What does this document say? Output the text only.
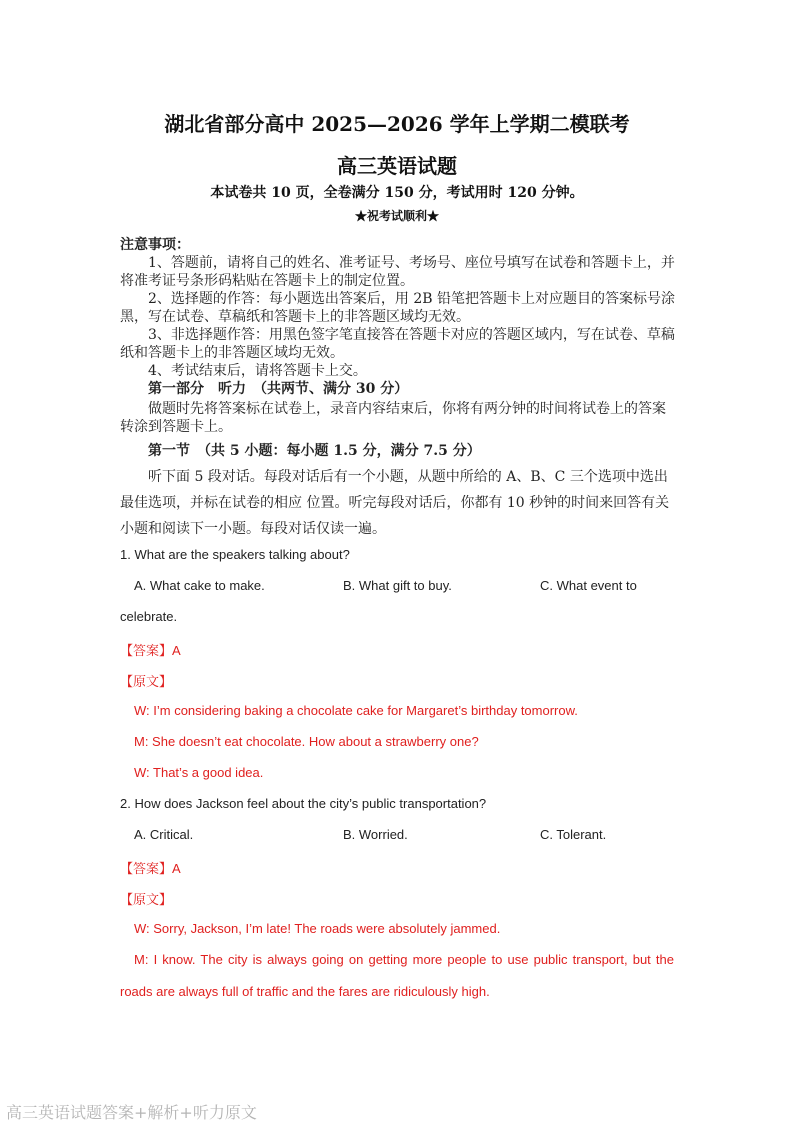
湖北省部分高中 2025—2026 学年上学期二模联考
高三英语试题
本试卷共 10 页，全卷满分 150 分，考试用时 120 分钟。
★祝考试顺利★
注意事项：
1、答题前，请将自己的姓名、准考证号、考场号、座位号填写在试卷和答题卡上，并将准考证号条形码粘贴在答题卡上的制定位置。
2、选择题的作答：每小题选出答案后，用 2B 铅笔把答题卡上对应题目的答案标号涂黑，写在试卷、草稿纸和答题卡上的非答题区域均无效。
3、非选择题作答：用黑色签字笔直接答在答题卡对应的答题区域内，写在试卷、草稿纸和答题卡上的非答题区域均无效。
4、考试结束后，请将答题卡上交。
第一部分　听力　（共两节、满分 30 分）
做题时先将答案标在试卷上，录音内容结束后，你将有两分钟的时间将试卷上的答案转涂到答题卡上。
第一节　（共 5 小题：每小题 1.5 分，满分 7.5 分）
听下面 5 段对话。每段对话后有一个小题，从题中所给的 A、B、C 三个选项中选出最佳选项，并标在试卷的相应 位置。听完每段对话后，你都有 10 秒钟的时间来回答有关小题和阅读下一小题。每段对话仅读一遍。
1. What are the speakers talking about?
A. What cake to make.	B. What gift to buy.	C. What event to
celebrate.
【答案】A
【原文】
W: I’m considering baking a chocolate cake for Margaret’s birthday tomorrow.
M: She doesn’t eat chocolate. How about a strawberry one?
W: That’s a good idea.
2. How does Jackson feel about the city’s public transportation?
A. Critical.	B. Worried.	C. Tolerant.
【答案】A
【原文】
W: Sorry, Jackson, I’m late! The roads were absolutely jammed.
M: I know. The city is always going on getting more people to use public transport, but the
roads are always full of traffic and the fares are ridiculously high.
高三英语试题答案+解析+听力原文
